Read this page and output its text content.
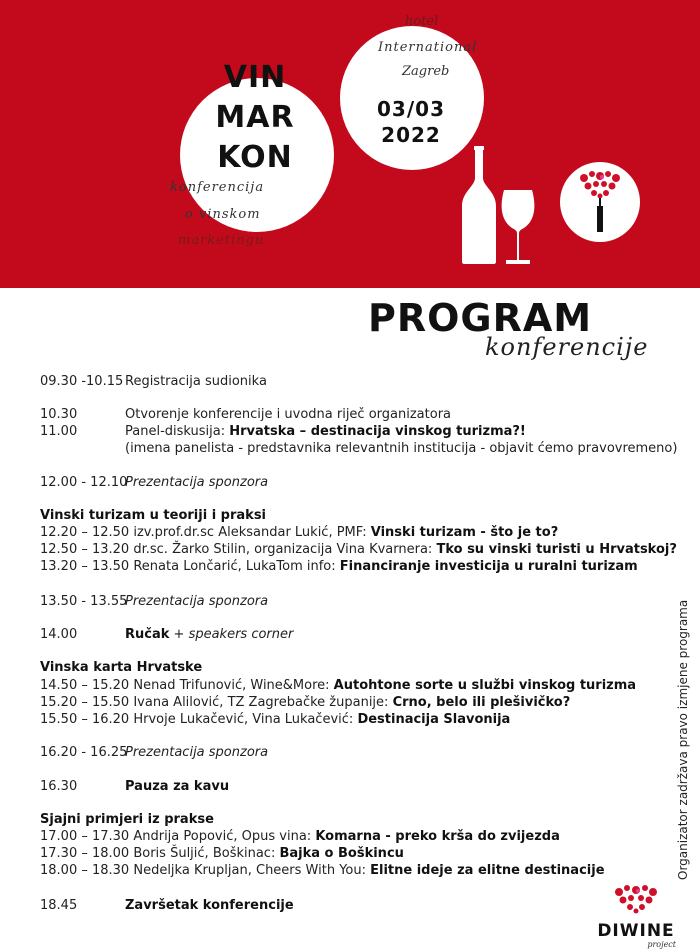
VIN
MAR
KON
konferencija
o vinskom
marketingu
hotel
International
Zagreb
03/03
2022
PROGRAM
konferencije
09.30 -10.15 Registracija sudionika
10.30	Otvorenje konferencije i uvodna riječ organizatora
11.00	Panel-diskusija: Hrvatska – destinacija vinskog turizma?!
(imena panelista - predstavnika relevantnih institucija - objavit ćemo pravovremeno)
12.00 - 12.10Prezentacija sponzora
Vinski turizam u teoriji i praksi
12.20 – 12.50 izv.prof.dr.sc Aleksandar Lukić, PMF: Vinski turizam - što je to?
12.50 – 13.20 dr.sc. Žarko Stilin, organizacija Vina Kvarnera: Tko su vinski turisti u Hrvatskoj?
13.20 – 13.50 Renata Lončarić, LukaTom info: Financiranje investicija u ruralni turizam
13.50 - 13.55Prezentacija sponzora
14.00	Ručak + speakers corner
Vinska karta Hrvatske
14.50 – 15.20 Nenad Trifunović, Wine&More: Autohtone sorte u službi vinskog turizma
15.20 – 15.50 Ivana Alilović, TZ Zagrebačke županije: Crno, belo ili plešivičko?
15.50 – 16.20 Hrvoje Lukačević, Vina Lukačević: Destinacija Slavonija
16.20 - 16.25Prezentacija sponzora
16.30	Pauza za kavu
Sjajni primjeri iz prakse
17.00 – 17.30 Andrija Popović, Opus vina: Komarna - preko krša do zvijezda
17.30 – 18.00 Boris Šuljić, Boškinac: Bajka o Boškincu
18.00 – 18.30 Nedeljka Krupljan, Cheers With You: Elitne ideje za elitne destinacije
18.45	Završetak konferencije
Organizator zadržava pravo izmjene programa
DIWINE
project
